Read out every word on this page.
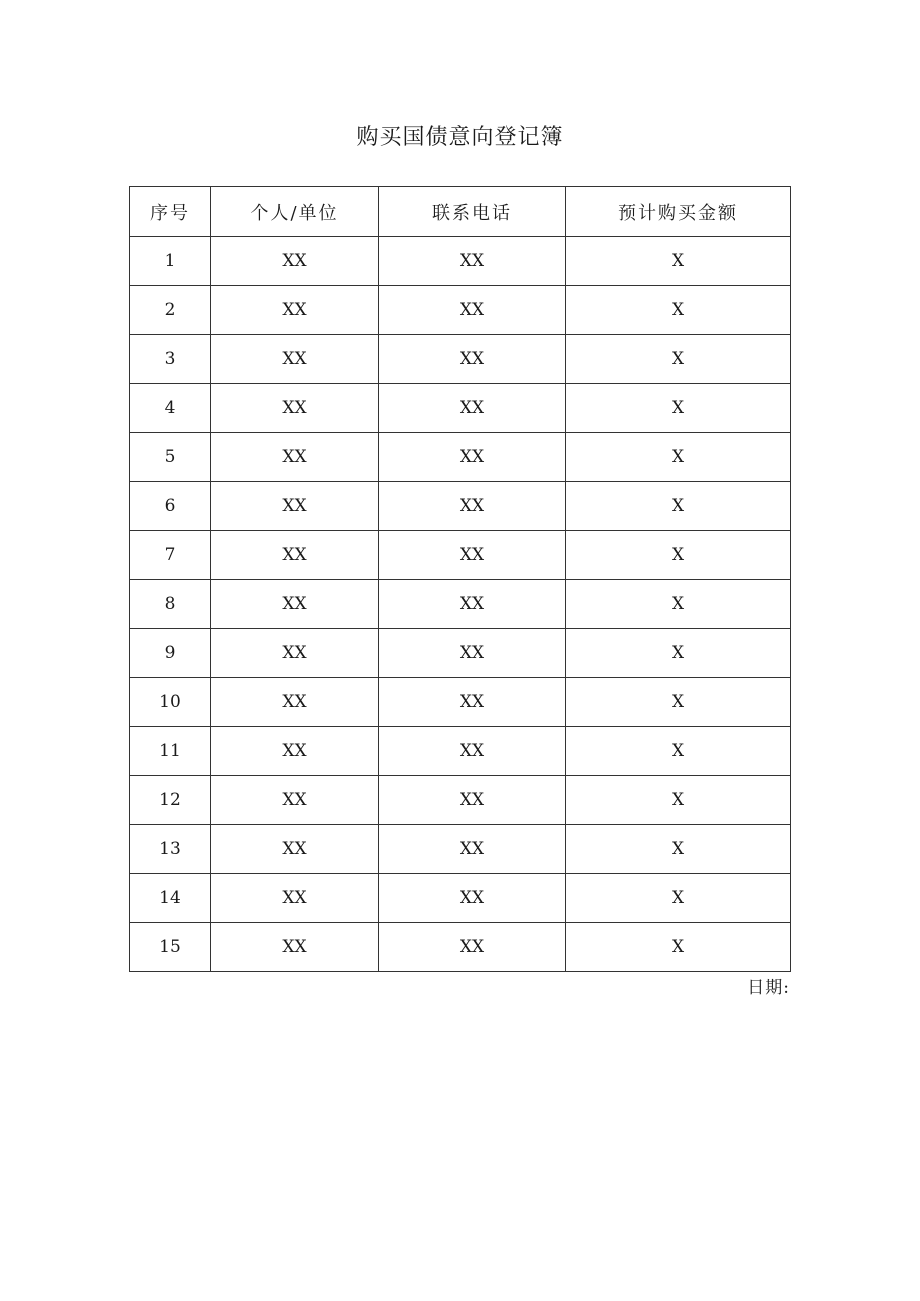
购买国债意向登记簿
序号	个人/单位	联系电话	预计购买金额
1	XX	XX	X
2	XX	XX	X
3	XX	XX	X
4	XX	XX	X
5	XX	XX	X
6	XX	XX	X
7	XX	XX	X
8	XX	XX	X
9	XX	XX	X
10	XX	XX	X
11	XX	XX	X
12	XX	XX	X
13	XX	XX	X
14	XX	XX	X
15	XX	XX	X
日期:
